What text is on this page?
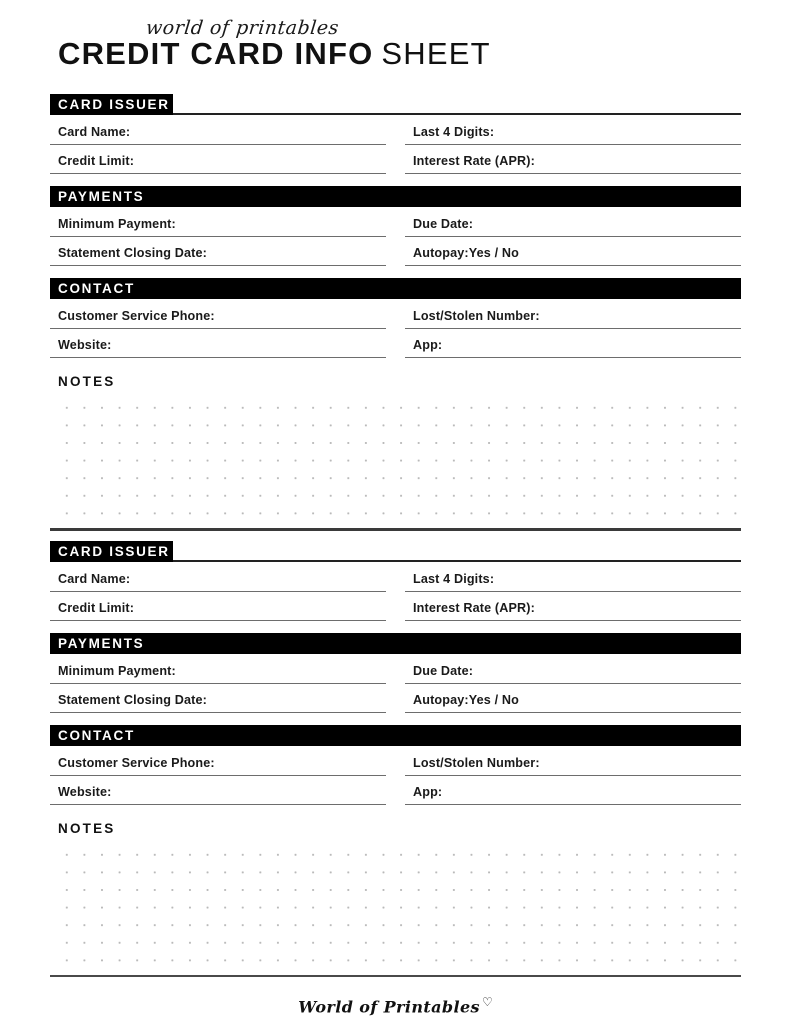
world of printables
CREDIT CARD INFO SHEET
CARD ISSUER
Card Name:	Last 4 Digits:
Credit Limit:	Interest Rate (APR):
PAYMENTS
Minimum Payment:	Due Date:
Statement Closing Date:	Autopay:Yes / No
CONTACT
Customer Service Phone:	Lost/Stolen Number:
Website:	App:
NOTES
CARD ISSUER
Card Name:	Last 4 Digits:
Credit Limit:	Interest Rate (APR):
PAYMENTS
Minimum Payment:	Due Date:
Statement Closing Date:	Autopay:Yes / No
CONTACT
Customer Service Phone:	Lost/Stolen Number:
Website:	App:
NOTES
World of Printables ♡
